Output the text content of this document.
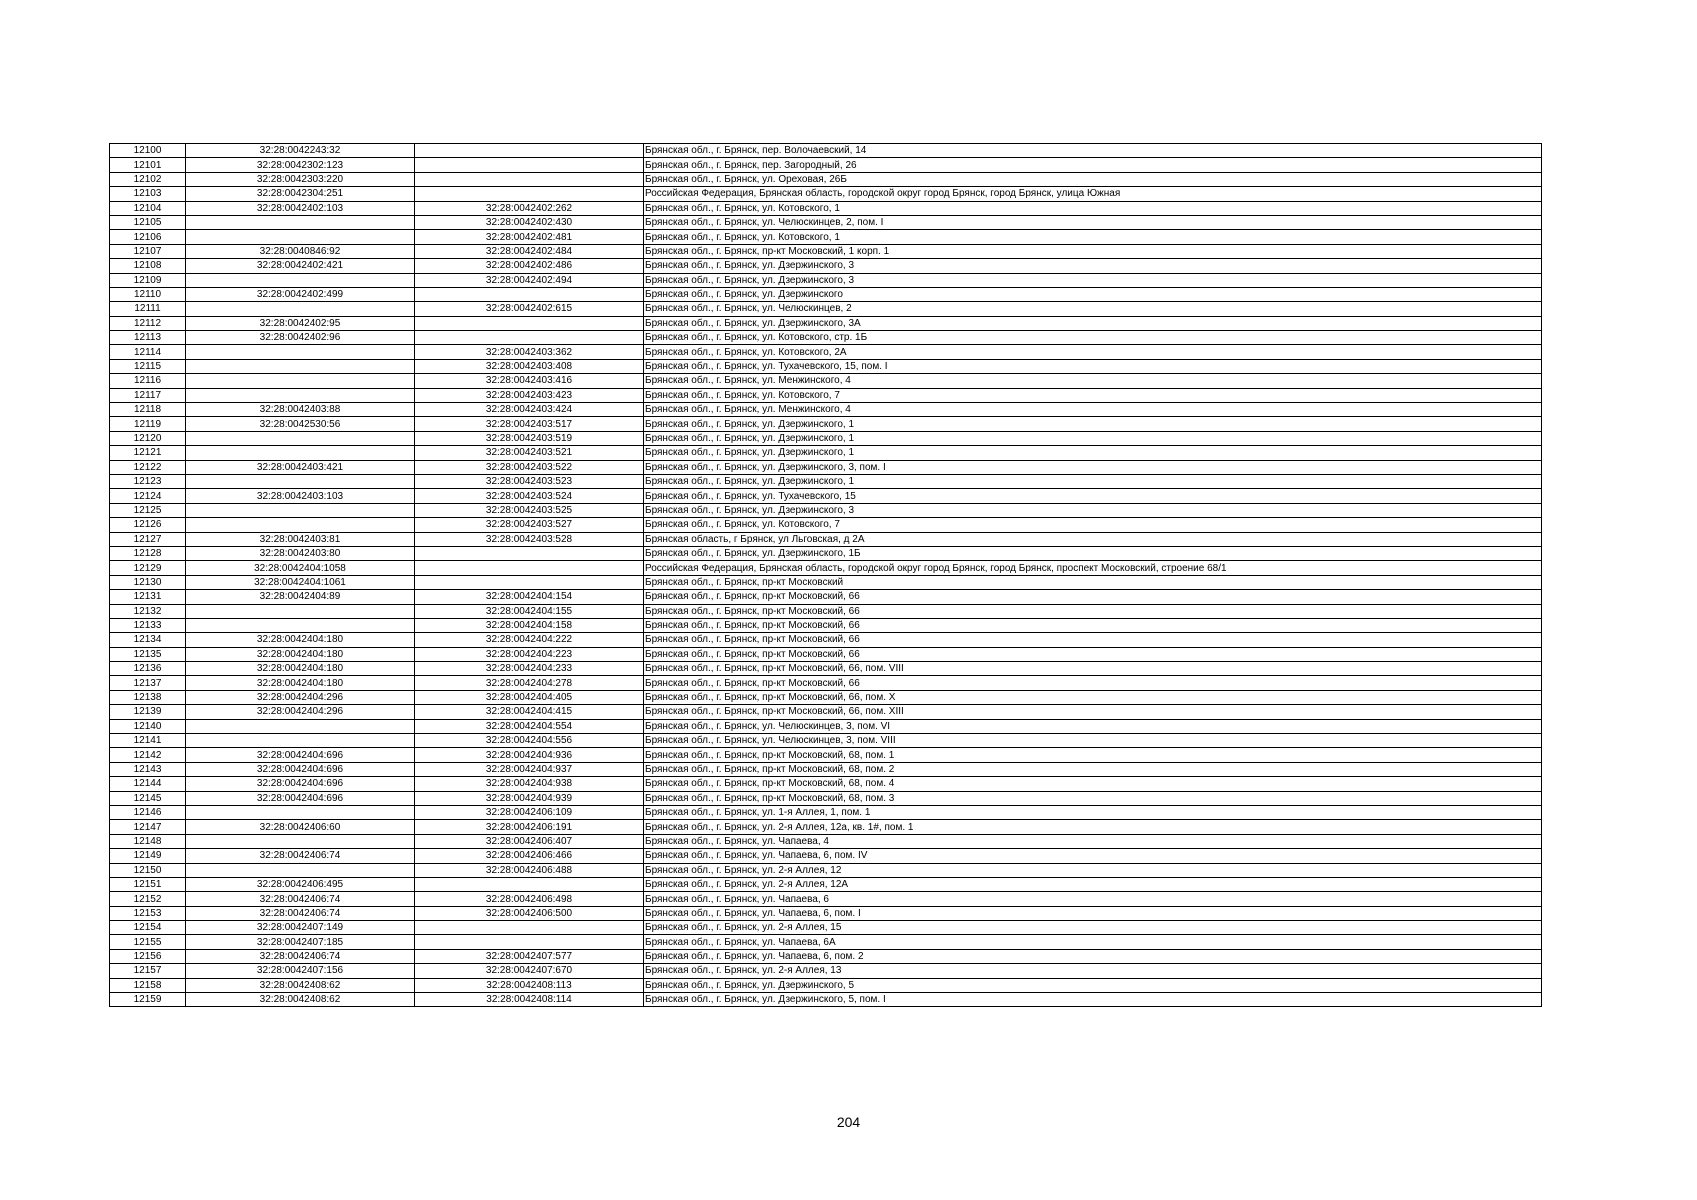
12100	32:28:0042243:32		Брянская обл., г. Брянск, пер. Волочаевский, 14
12101	32:28:0042302:123		Брянская обл., г. Брянск, пер. Загородный, 26
12102	32:28:0042303:220		Брянская обл., г. Брянск, ул. Ореховая, 26Б
12103	32:28:0042304:251		Российская Федерация, Брянская область, городской округ город Брянск, город Брянск, улица Южная
12104	32:28:0042402:103	32:28:0042402:262	Брянская обл., г. Брянск, ул. Котовского, 1
12105		32:28:0042402:430	Брянская обл., г. Брянск, ул. Челюскинцев, 2, пом. I
12106		32:28:0042402:481	Брянская обл., г. Брянск, ул. Котовского, 1
12107	32:28:0040846:92	32:28:0042402:484	Брянская обл., г. Брянск, пр-кт Московский, 1 корп. 1
12108	32:28:0042402:421	32:28:0042402:486	Брянская обл., г. Брянск, ул. Дзержинского, 3
12109		32:28:0042402:494	Брянская обл., г. Брянск, ул. Дзержинского, 3
12110	32:28:0042402:499		Брянская обл., г. Брянск, ул. Дзержинского
12111		32:28:0042402:615	Брянская обл., г. Брянск, ул. Челюскинцев, 2
12112	32:28:0042402:95		Брянская обл., г. Брянск, ул. Дзержинского, 3А
12113	32:28:0042402:96		Брянская обл., г. Брянск, ул. Котовского, стр. 1Б
12114		32:28:0042403:362	Брянская обл., г. Брянск, ул. Котовского, 2А
12115		32:28:0042403:408	Брянская обл., г. Брянск, ул. Тухачевского, 15, пом. I
12116		32:28:0042403:416	Брянская обл., г. Брянск, ул. Менжинского, 4
12117		32:28:0042403:423	Брянская обл., г. Брянск, ул. Котовского, 7
12118	32:28:0042403:88	32:28:0042403:424	Брянская обл., г. Брянск, ул. Менжинского, 4
12119	32:28:0042530:56	32:28:0042403:517	Брянская обл., г. Брянск, ул. Дзержинского, 1
12120		32:28:0042403:519	Брянская обл., г. Брянск, ул. Дзержинского, 1
12121		32:28:0042403:521	Брянская обл., г. Брянск, ул. Дзержинского, 1
12122	32:28:0042403:421	32:28:0042403:522	Брянская обл., г. Брянск, ул. Дзержинского, 3, пом. I
12123		32:28:0042403:523	Брянская обл., г. Брянск, ул. Дзержинского, 1
12124	32:28:0042403:103	32:28:0042403:524	Брянская обл., г. Брянск, ул. Тухачевского, 15
12125		32:28:0042403:525	Брянская обл., г. Брянск, ул. Дзержинского, 3
12126		32:28:0042403:527	Брянская обл., г. Брянск, ул. Котовского, 7
12127	32:28:0042403:81	32:28:0042403:528	Брянская область, г Брянск, ул Льговская, д 2А
12128	32:28:0042403:80		Брянская обл., г. Брянск, ул. Дзержинского, 1Б
12129	32:28:0042404:1058		Российская Федерация, Брянская область, городской округ город Брянск, город Брянск, проспект Московский, строение 68/1
12130	32:28:0042404:1061		Брянская обл., г. Брянск, пр-кт Московский
12131	32:28:0042404:89	32:28:0042404:154	Брянская обл., г. Брянск, пр-кт Московский, 66
12132		32:28:0042404:155	Брянская обл., г. Брянск, пр-кт Московский, 66
12133		32:28:0042404:158	Брянская обл., г. Брянск, пр-кт Московский, 66
12134	32:28:0042404:180	32:28:0042404:222	Брянская обл., г. Брянск, пр-кт Московский, 66
12135	32:28:0042404:180	32:28:0042404:223	Брянская обл., г. Брянск, пр-кт Московский, 66
12136	32:28:0042404:180	32:28:0042404:233	Брянская обл., г. Брянск, пр-кт Московский, 66, пом. VIII
12137	32:28:0042404:180	32:28:0042404:278	Брянская обл., г. Брянск, пр-кт Московский, 66
12138	32:28:0042404:296	32:28:0042404:405	Брянская обл., г. Брянск, пр-кт Московский, 66, пом. X
12139	32:28:0042404:296	32:28:0042404:415	Брянская обл., г. Брянск, пр-кт Московский, 66, пом. XIII
12140		32:28:0042404:554	Брянская обл., г. Брянск, ул. Челюскинцев, 3, пом. VI
12141		32:28:0042404:556	Брянская обл., г. Брянск, ул. Челюскинцев, 3, пом. VIII
12142	32:28:0042404:696	32:28:0042404:936	Брянская обл., г. Брянск, пр-кт Московский, 68, пом. 1
12143	32:28:0042404:696	32:28:0042404:937	Брянская обл., г. Брянск, пр-кт Московский, 68, пом. 2
12144	32:28:0042404:696	32:28:0042404:938	Брянская обл., г. Брянск, пр-кт Московский, 68, пом. 4
12145	32:28:0042404:696	32:28:0042404:939	Брянская обл., г. Брянск, пр-кт Московский, 68, пом. 3
12146		32:28:0042406:109	Брянская обл., г. Брянск, ул. 1-я Аллея, 1, пом. 1
12147	32:28:0042406:60	32:28:0042406:191	Брянская обл., г. Брянск, ул. 2-я Аллея, 12а, кв. 1#, пом. 1
12148		32:28:0042406:407	Брянская обл., г. Брянск, ул. Чапаева, 4
12149	32:28:0042406:74	32:28:0042406:466	Брянская обл., г. Брянск, ул. Чапаева, 6, пом. IV
12150		32:28:0042406:488	Брянская обл., г. Брянск, ул. 2-я Аллея, 12
12151	32:28:0042406:495		Брянская обл., г. Брянск, ул. 2-я Аллея, 12А
12152	32:28:0042406:74	32:28:0042406:498	Брянская обл., г. Брянск, ул. Чапаева, 6
12153	32:28:0042406:74	32:28:0042406:500	Брянская обл., г. Брянск, ул. Чапаева, 6, пом. I
12154	32:28:0042407:149		Брянская обл., г. Брянск, ул. 2-я Аллея, 15
12155	32:28:0042407:185		Брянская обл., г. Брянск, ул. Чапаева, 6А
12156	32:28:0042406:74	32:28:0042407:577	Брянская обл., г. Брянск, ул. Чапаева, 6, пом. 2
12157	32:28:0042407:156	32:28:0042407:670	Брянская обл., г. Брянск, ул. 2-я Аллея, 13
12158	32:28:0042408:62	32:28:0042408:113	Брянская обл., г. Брянск, ул. Дзержинского, 5
12159	32:28:0042408:62	32:28:0042408:114	Брянская обл., г. Брянск, ул. Дзержинского, 5, пом. I
204
